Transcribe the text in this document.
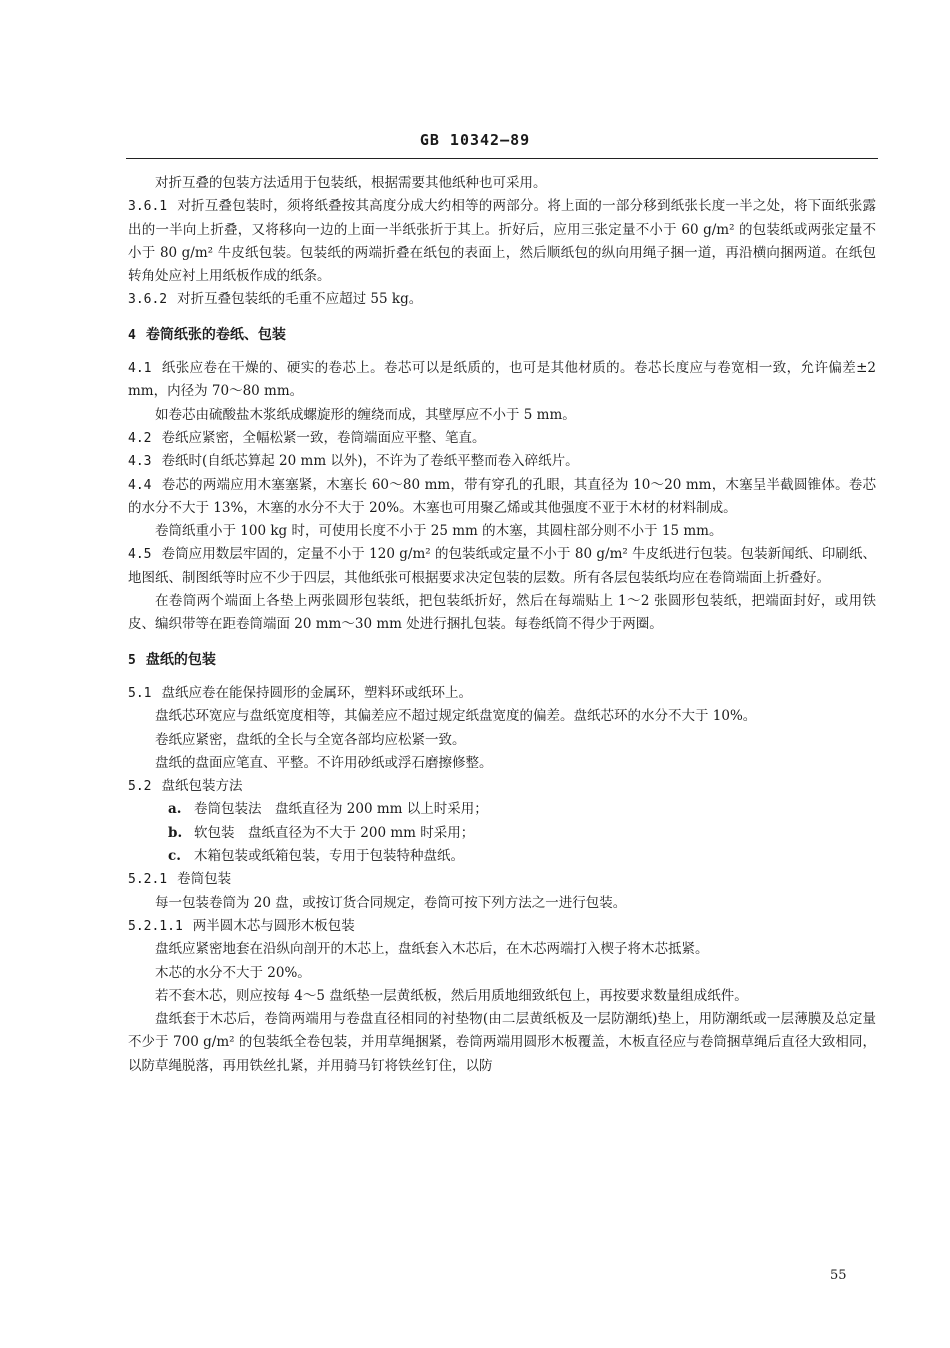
GB 10342—89

对折互叠的包装方法适用于包装纸，根据需要其他纸种也可采用。

3.6.1 对折互叠包装时，须将纸叠按其高度分成大约相等的两部分。将上面的一部分移到纸张长度一半之处，将下面纸张露出的一半向上折叠，又将移向一边的上面一半纸张折于其上。折好后，应用三张定量不小于 60 g/m² 的包装纸或两张定量不小于 80 g/m² 牛皮纸包装。包装纸的两端折叠在纸包的表面上，然后顺纸包的纵向用绳子捆一道，再沿横向捆两道。在纸包转角处应衬上用纸板作成的纸条。

3.6.2 对折互叠包装纸的毛重不应超过 55 kg。

4 卷筒纸张的卷纸、包装

4.1 纸张应卷在干燥的、硬实的卷芯上。卷芯可以是纸质的，也可是其他材质的。卷芯长度应与卷宽相一致，允许偏差±2 mm，内径为 70～80 mm。

如卷芯由硫酸盐木浆纸成螺旋形的缠绕而成，其壁厚应不小于 5 mm。

4.2 卷纸应紧密，全幅松紧一致，卷筒端面应平整、笔直。

4.3 卷纸时(自纸芯算起 20 mm 以外)，不许为了卷纸平整而卷入碎纸片。

4.4 卷芯的两端应用木塞塞紧，木塞长 60～80 mm，带有穿孔的孔眼，其直径为 10～20 mm，木塞呈半截圆锥体。卷芯的水分不大于 13%，木塞的水分不大于 20%。木塞也可用聚乙烯或其他强度不亚于木材的材料制成。

卷筒纸重小于 100 kg 时，可使用长度不小于 25 mm 的木塞，其圆柱部分则不小于 15 mm。

4.5 卷筒应用数层牢固的，定量不小于 120 g/m² 的包装纸或定量不小于 80 g/m² 牛皮纸进行包装。包装新闻纸、印刷纸、地图纸、制图纸等时应不少于四层，其他纸张可根据要求决定包装的层数。所有各层包装纸均应在卷筒端面上折叠好。

在卷筒两个端面上各垫上两张圆形包装纸，把包装纸折好，然后在每端贴上 1～2 张圆形包装纸，把端面封好，或用铁皮、编织带等在距卷筒端面 20 mm～30 mm 处进行捆扎包装。每卷纸筒不得少于两圈。

5 盘纸的包装

5.1 盘纸应卷在能保持圆形的金属环，塑料环或纸环上。

盘纸芯环宽应与盘纸宽度相等，其偏差应不超过规定纸盘宽度的偏差。盘纸芯环的水分不大于 10%。

卷纸应紧密，盘纸的全长与全宽各部均应松紧一致。

盘纸的盘面应笔直、平整。不许用砂纸或浮石磨擦修整。

5.2 盘纸包装方法

a. 卷筒包装法　盘纸直径为 200 mm 以上时采用；

b. 软包装　盘纸直径为不大于 200 mm 时采用；

c. 木箱包装或纸箱包装，专用于包装特种盘纸。

5.2.1 卷筒包装

每一包装卷筒为 20 盘，或按订货合同规定，卷筒可按下列方法之一进行包装。

5.2.1.1 两半圆木芯与圆形木板包装

盘纸应紧密地套在沿纵向剖开的木芯上，盘纸套入木芯后，在木芯两端打入楔子将木芯抵紧。

木芯的水分不大于 20%。

若不套木芯，则应按每 4～5 盘纸垫一层黄纸板，然后用质地细致纸包上，再按要求数量组成纸件。

盘纸套于木芯后，卷筒两端用与卷盘直径相同的衬垫物(由二层黄纸板及一层防潮纸)垫上，用防潮纸或一层薄膜及总定量不少于 700 g/m² 的包装纸全卷包装，并用草绳捆紧，卷筒两端用圆形木板覆盖，木板直径应与卷筒捆草绳后直径大致相同，以防草绳脱落，再用铁丝扎紧，并用骑马钉将铁丝钉住，以防

55
